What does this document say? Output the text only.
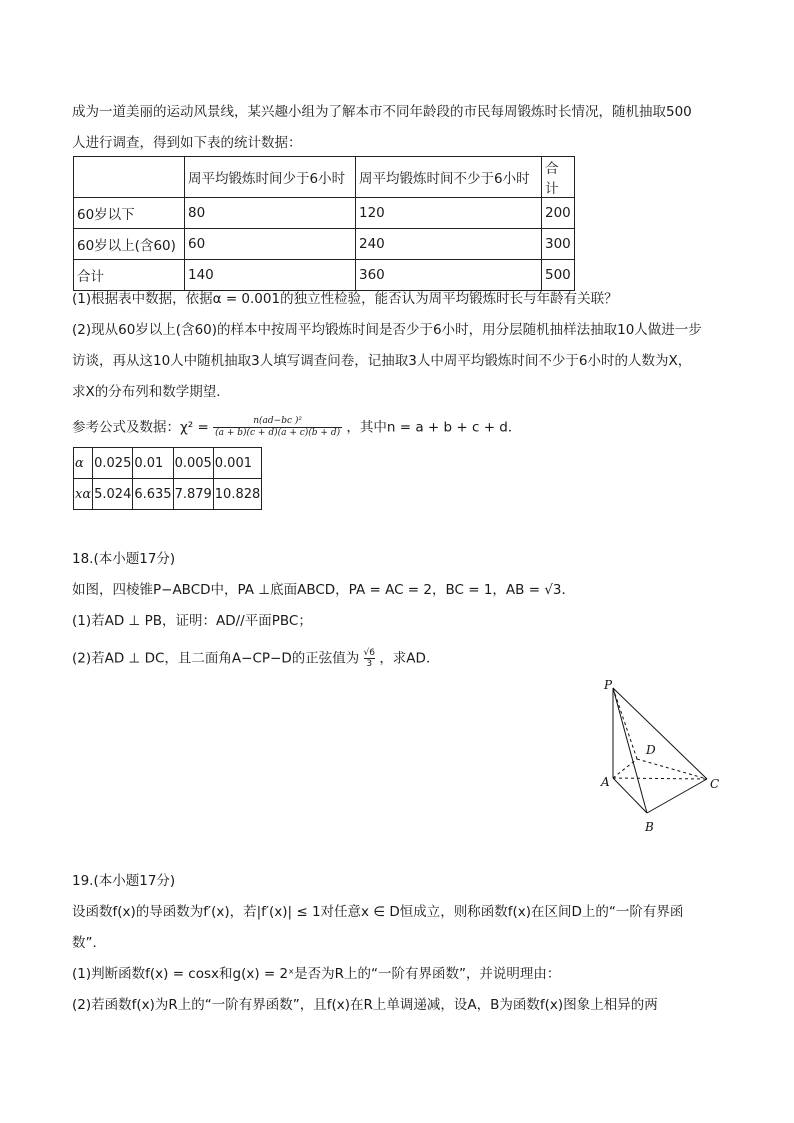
成为一道美丽的运动风景线，某兴趣小组为了解本市不同年龄段的市民每周锻炼时长情况，随机抽取500
人进行调查，得到如下表的统计数据：
	周平均锻炼时间少于6小时	周平均锻炼时间不少于6小时	合计
60岁以下	80	120	200
60岁以上(含60)	60	240	300
合计	140	360	500
(1)根据表中数据，依据α = 0.001的独立性检验，能否认为周平均锻炼时长与年龄有关联？
(2)现从60岁以上(含60)的样本中按周平均锻炼时间是否少于6小时，用分层随机抽样法抽取10人做进一步
访谈，再从这10人中随机抽取3人填写调查问卷，记抽取3人中周平均锻炼时间不少于6小时的人数为X，
求X的分布列和数学期望．
参考公式及数据：$\chi^2 = \frac{\text{n(ad−bc )²}}{(a + b)(c + d)(a + c)(b + d)}$ ，其中n = a + b + c + d．
α	0.025	0.01	0.005	0.001
xα	5.024	6.635	7.879	10.828
18.(本小题17分)
如图，四棱锥P−ABCD中，PA ⊥底面ABCD，PA = AC = 2，BC = 1，AB = √3．
(1)若AD ⊥ PB，证明：AD//平面PBC；
(2)若AD ⊥ DC，且二面角A−CP−D的正弦值为 $\frac{√6}{3}$ ，求AD．
P
A
B
C
D
19.(本小题17分)
设函数f(x)的导函数为f′(x)，若|f′(x)| ≤ 1对任意x ∈ D恒成立，则称函数f(x)在区间D上的“一阶有界函
数”．
(1)判断函数f(x) = cosx和g(x) = 2ˣ是否为R上的“一阶有界函数”，并说明理由：
(2)若函数f(x)为R上的“一阶有界函数”，且f(x)在R上单调递减，设A，B为函数f(x)图象上相异的两
